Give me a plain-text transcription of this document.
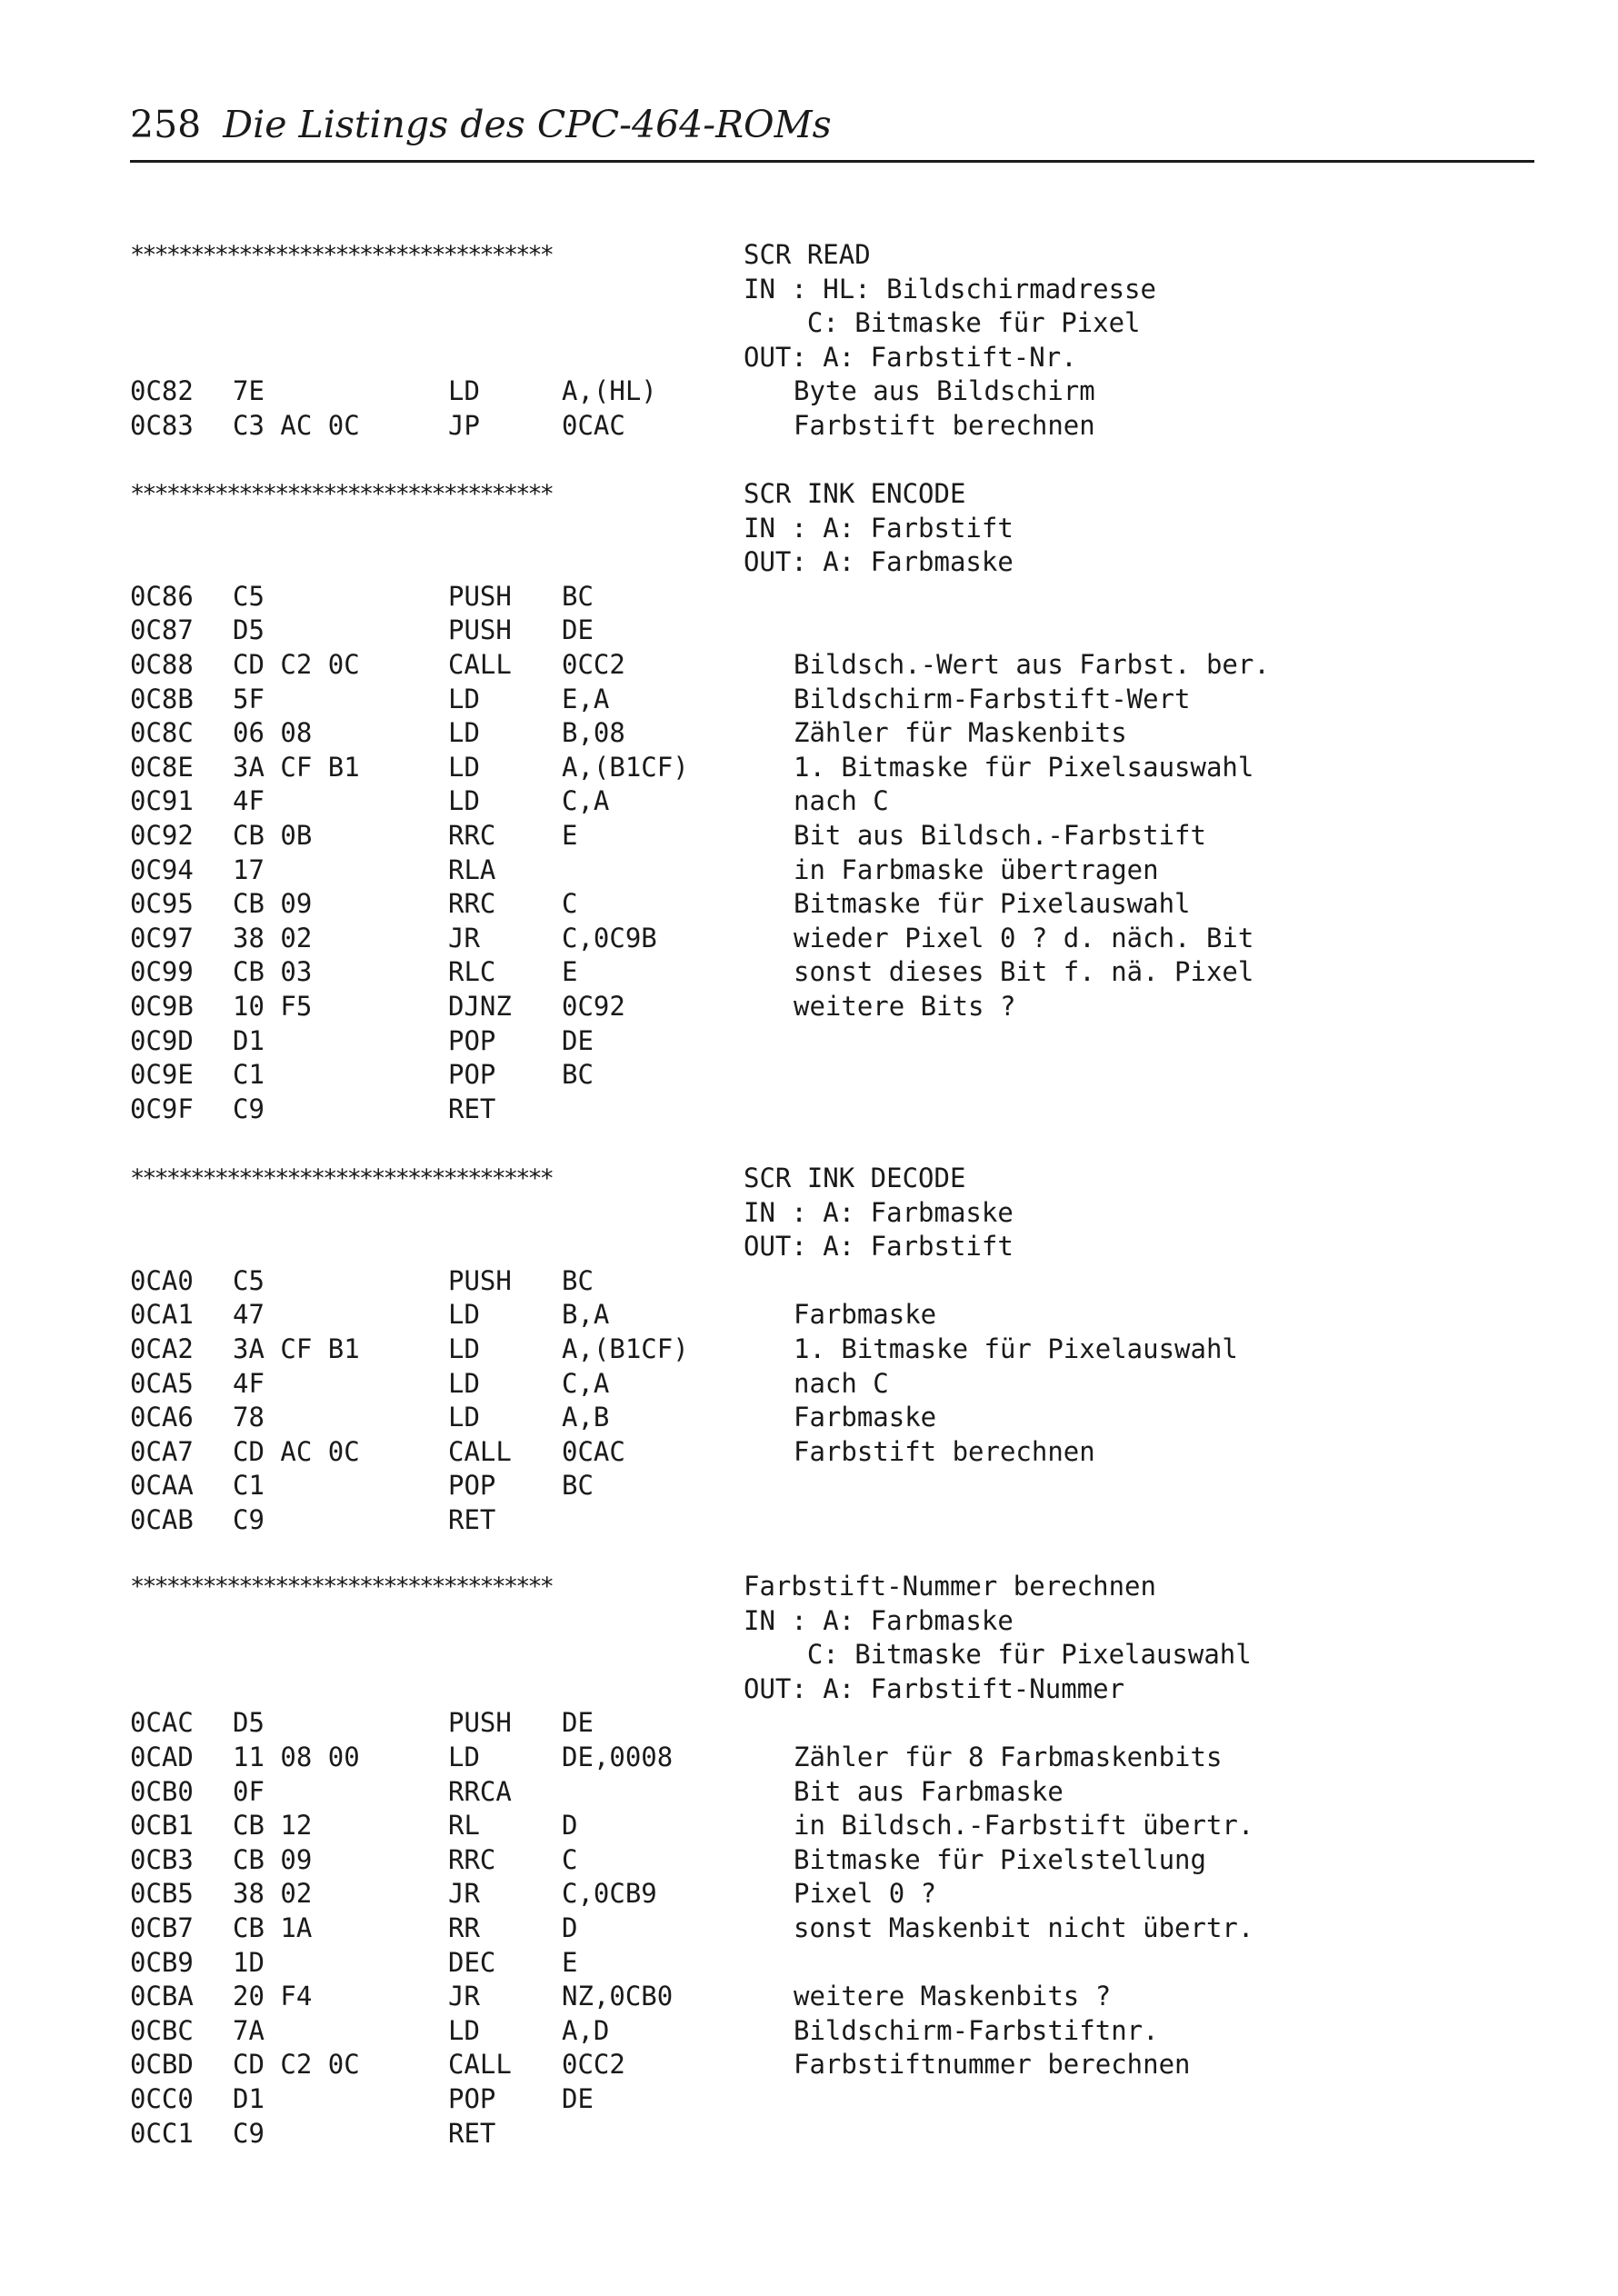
258 Die Listings des CPC-464-ROMs
***********************************	SCR READ
IN : HL: Bildschirmadresse
C: Bitmaske für Pixel
OUT: A: Farbstift-Nr.
0C82 7E	LD	A,(HL)	Byte aus Bildschirm
0C83 C3 AC 0C	JP	0CAC	Farbstift berechnen
***********************************	SCR INK ENCODE
IN : A: Farbstift
OUT: A: Farbmaske
0C86 C5	PUSH BC
0C87 D5	PUSH DE
0C88 CD C2 0C	CALL 0CC2	Bildsch.-Wert aus Farbst. ber.
0C8B 5F	LD	E,A	Bildschirm-Farbstift-Wert
0C8C 06 08	LD	B,08	Zähler für Maskenbits
0C8E 3A CF B1	LD	A,(B1CF)	1. Bitmaske für Pixelsauswahl
0C91 4F	LD	C,A	nach C
0C92 CB 0B	RRC	E	Bit aus Bildsch.-Farbstift
0C94 17	RLA	in Farbmaske übertragen
0C95 CB 09	RRC	C	Bitmaske für Pixelauswahl
0C97 38 02	JR	C,0C9B	wieder Pixel 0 ? d. näch. Bit
0C99 CB 03	RLC	E	sonst dieses Bit f. nä. Pixel
0C9B 10 F5	DJNZ 0C92	weitere Bits ?
0C9D D1	POP	DE
0C9E C1	POP	BC
0C9F C9	RET
***********************************	SCR INK DECODE
IN : A: Farbmaske
OUT: A: Farbstift
0CA0 C5	PUSH BC
0CA1 47	LD	B,A	Farbmaske
0CA2 3A CF B1	LD	A,(B1CF)	1. Bitmaske für Pixelauswahl
0CA5 4F	LD	C,A	nach C
0CA6 78	LD	A,B	Farbmaske
0CA7 CD AC 0C	CALL 0CAC	Farbstift berechnen
0CAA C1	POP	BC
0CAB C9	RET
***********************************	Farbstift-Nummer berechnen
IN : A: Farbmaske
C: Bitmaske für Pixelauswahl
OUT: A: Farbstift-Nummer
0CAC D5	PUSH DE
0CAD 11 08 00	LD	DE,0008	Zähler für 8 Farbmaskenbits
0CB0 0F	RRCA	Bit aus Farbmaske
0CB1 CB 12	RL	D	in Bildsch.-Farbstift übertr.
0CB3 CB 09	RRC	C	Bitmaske für Pixelstellung
0CB5 38 02	JR	C,0CB9	Pixel 0 ?
0CB7 CB 1A	RR	D	sonst Maskenbit nicht übertr.
0CB9 1D	DEC	E
0CBA 20 F4	JR	NZ,0CB0	weitere Maskenbits ?
0CBC 7A	LD	A,D	Bildschirm-Farbstiftnr.
0CBD CD C2 0C	CALL 0CC2	Farbstiftnummer berechnen
0CC0 D1	POP	DE
0CC1 C9	RET
